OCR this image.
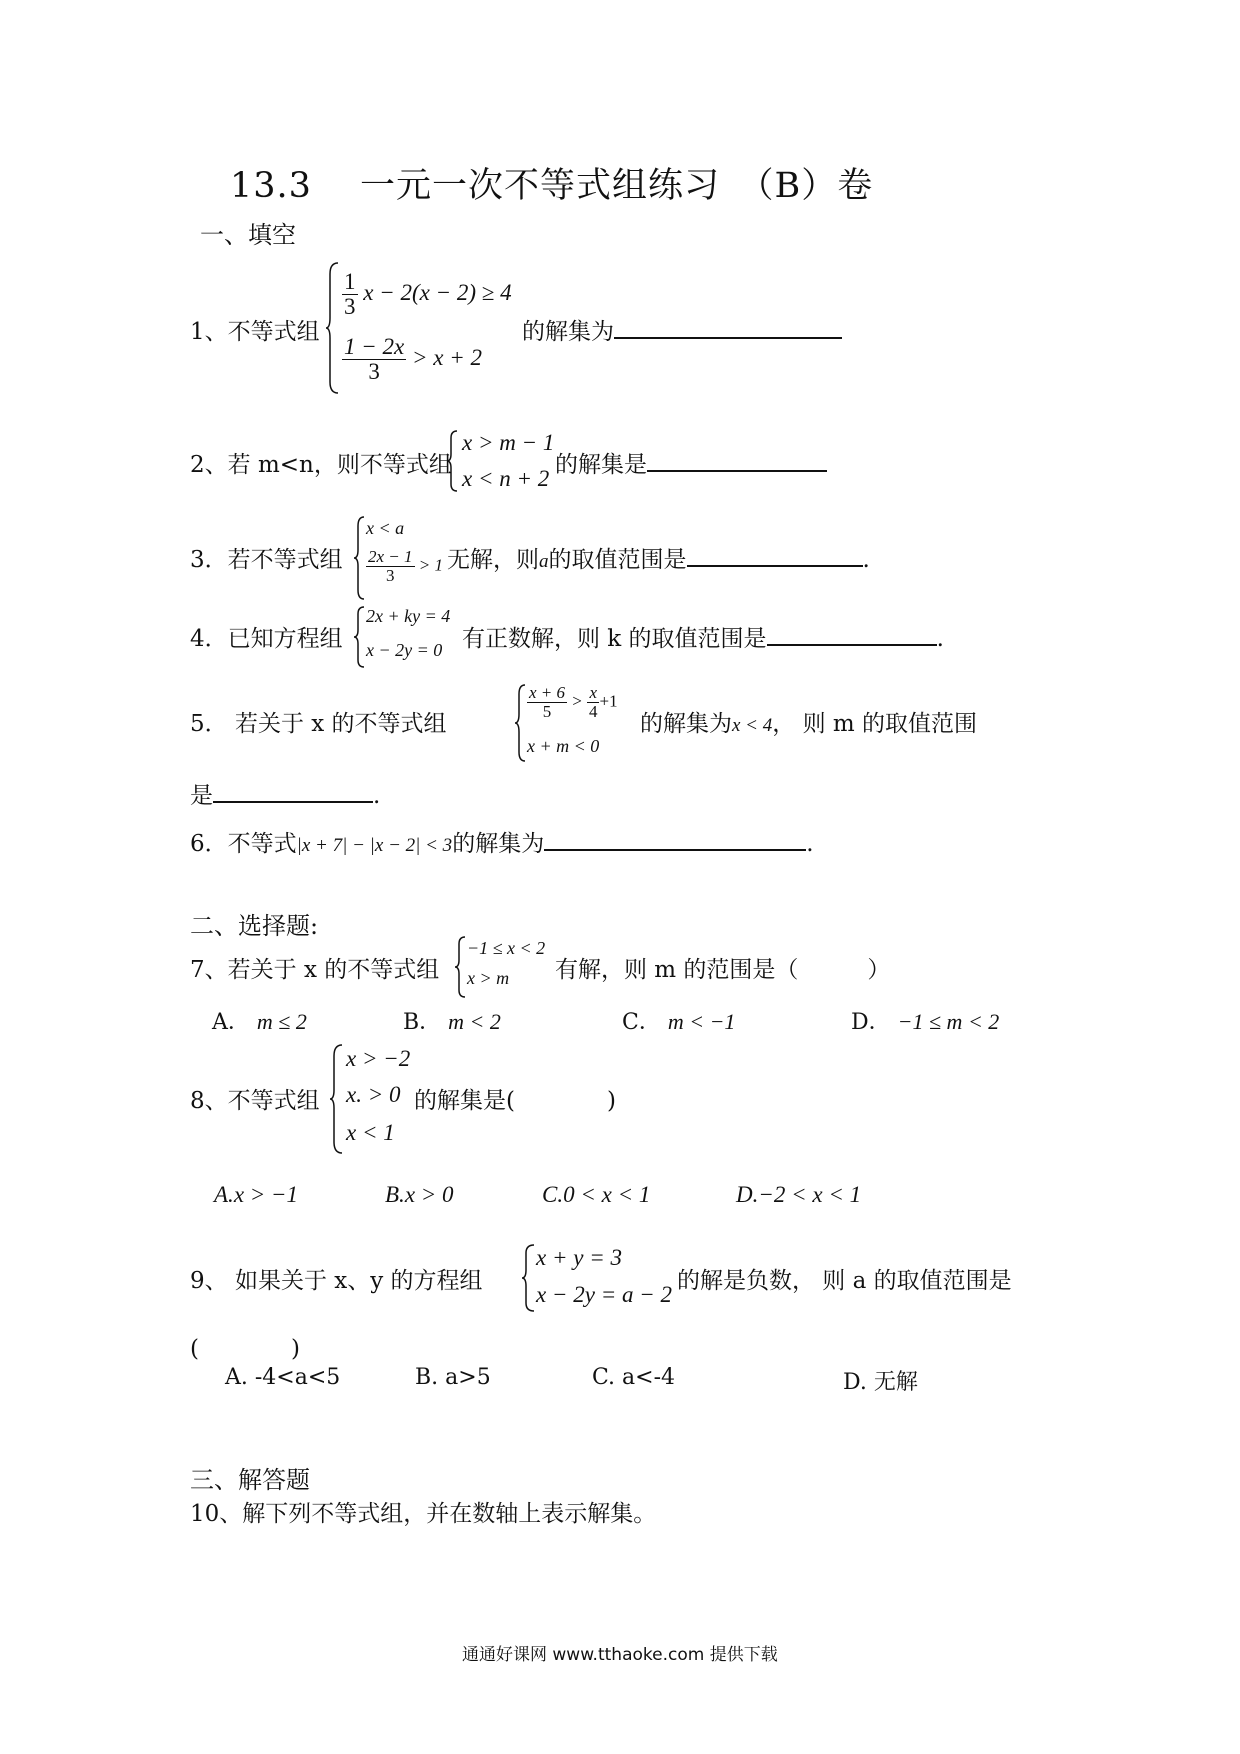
13.3　 一元一次不等式组练习　（B）卷
一、填空
1、不等式组
$\frac{1}{3}$ x − 2(x − 2) ≥ 4
$\frac{1 - 2x}{3} > x + 2$
的解集为
2、若 m<n，则不等式组
x > m − 1
x < n + 2
的解集是
3．若不等式组
x < a
$\frac{2x - 1}{3} > 1$ 无解，则a的取值范围是	.
4．已知方程组
2x + ky = 4
x − 2y = 0 有正数解，则 k 的取值范围是	.
5． 若关于 x 的不等式组
$\frac{x + 6}{5} > \frac{x}{4} +1$
x + m < 0
的解集为x < 4， 则 m 的取值范围
是	.
6．不等式|x + 7| − |x − 2| < 3的解集为	.
二、选择题:
7、若关于 x 的不等式组
−1 ≤ x < 2
x > m 有解，则 m 的范围是（　　　）
A． m ≤ 2	B． m < 2	C． m < −1	D． −1 ≤ m < 2
8、不等式组
x > −2
x. > 0
x < 1
的解集是(　　　　)
A.x > −1	B.x > 0	C.0 < x < 1	D.−2 < x < 1
9、 如果关于 x、y 的方程组
x + y = 3
x − 2y = a − 2
的解是负数， 则 a 的取值范围是
(　　　　)
A. -4<a<5	B. a>5	C. a<-4	D. 无解
三、解答题
10、解下列不等式组，并在数轴上表示解集。
通通好课网 www.tthaoke.com 提供下载
